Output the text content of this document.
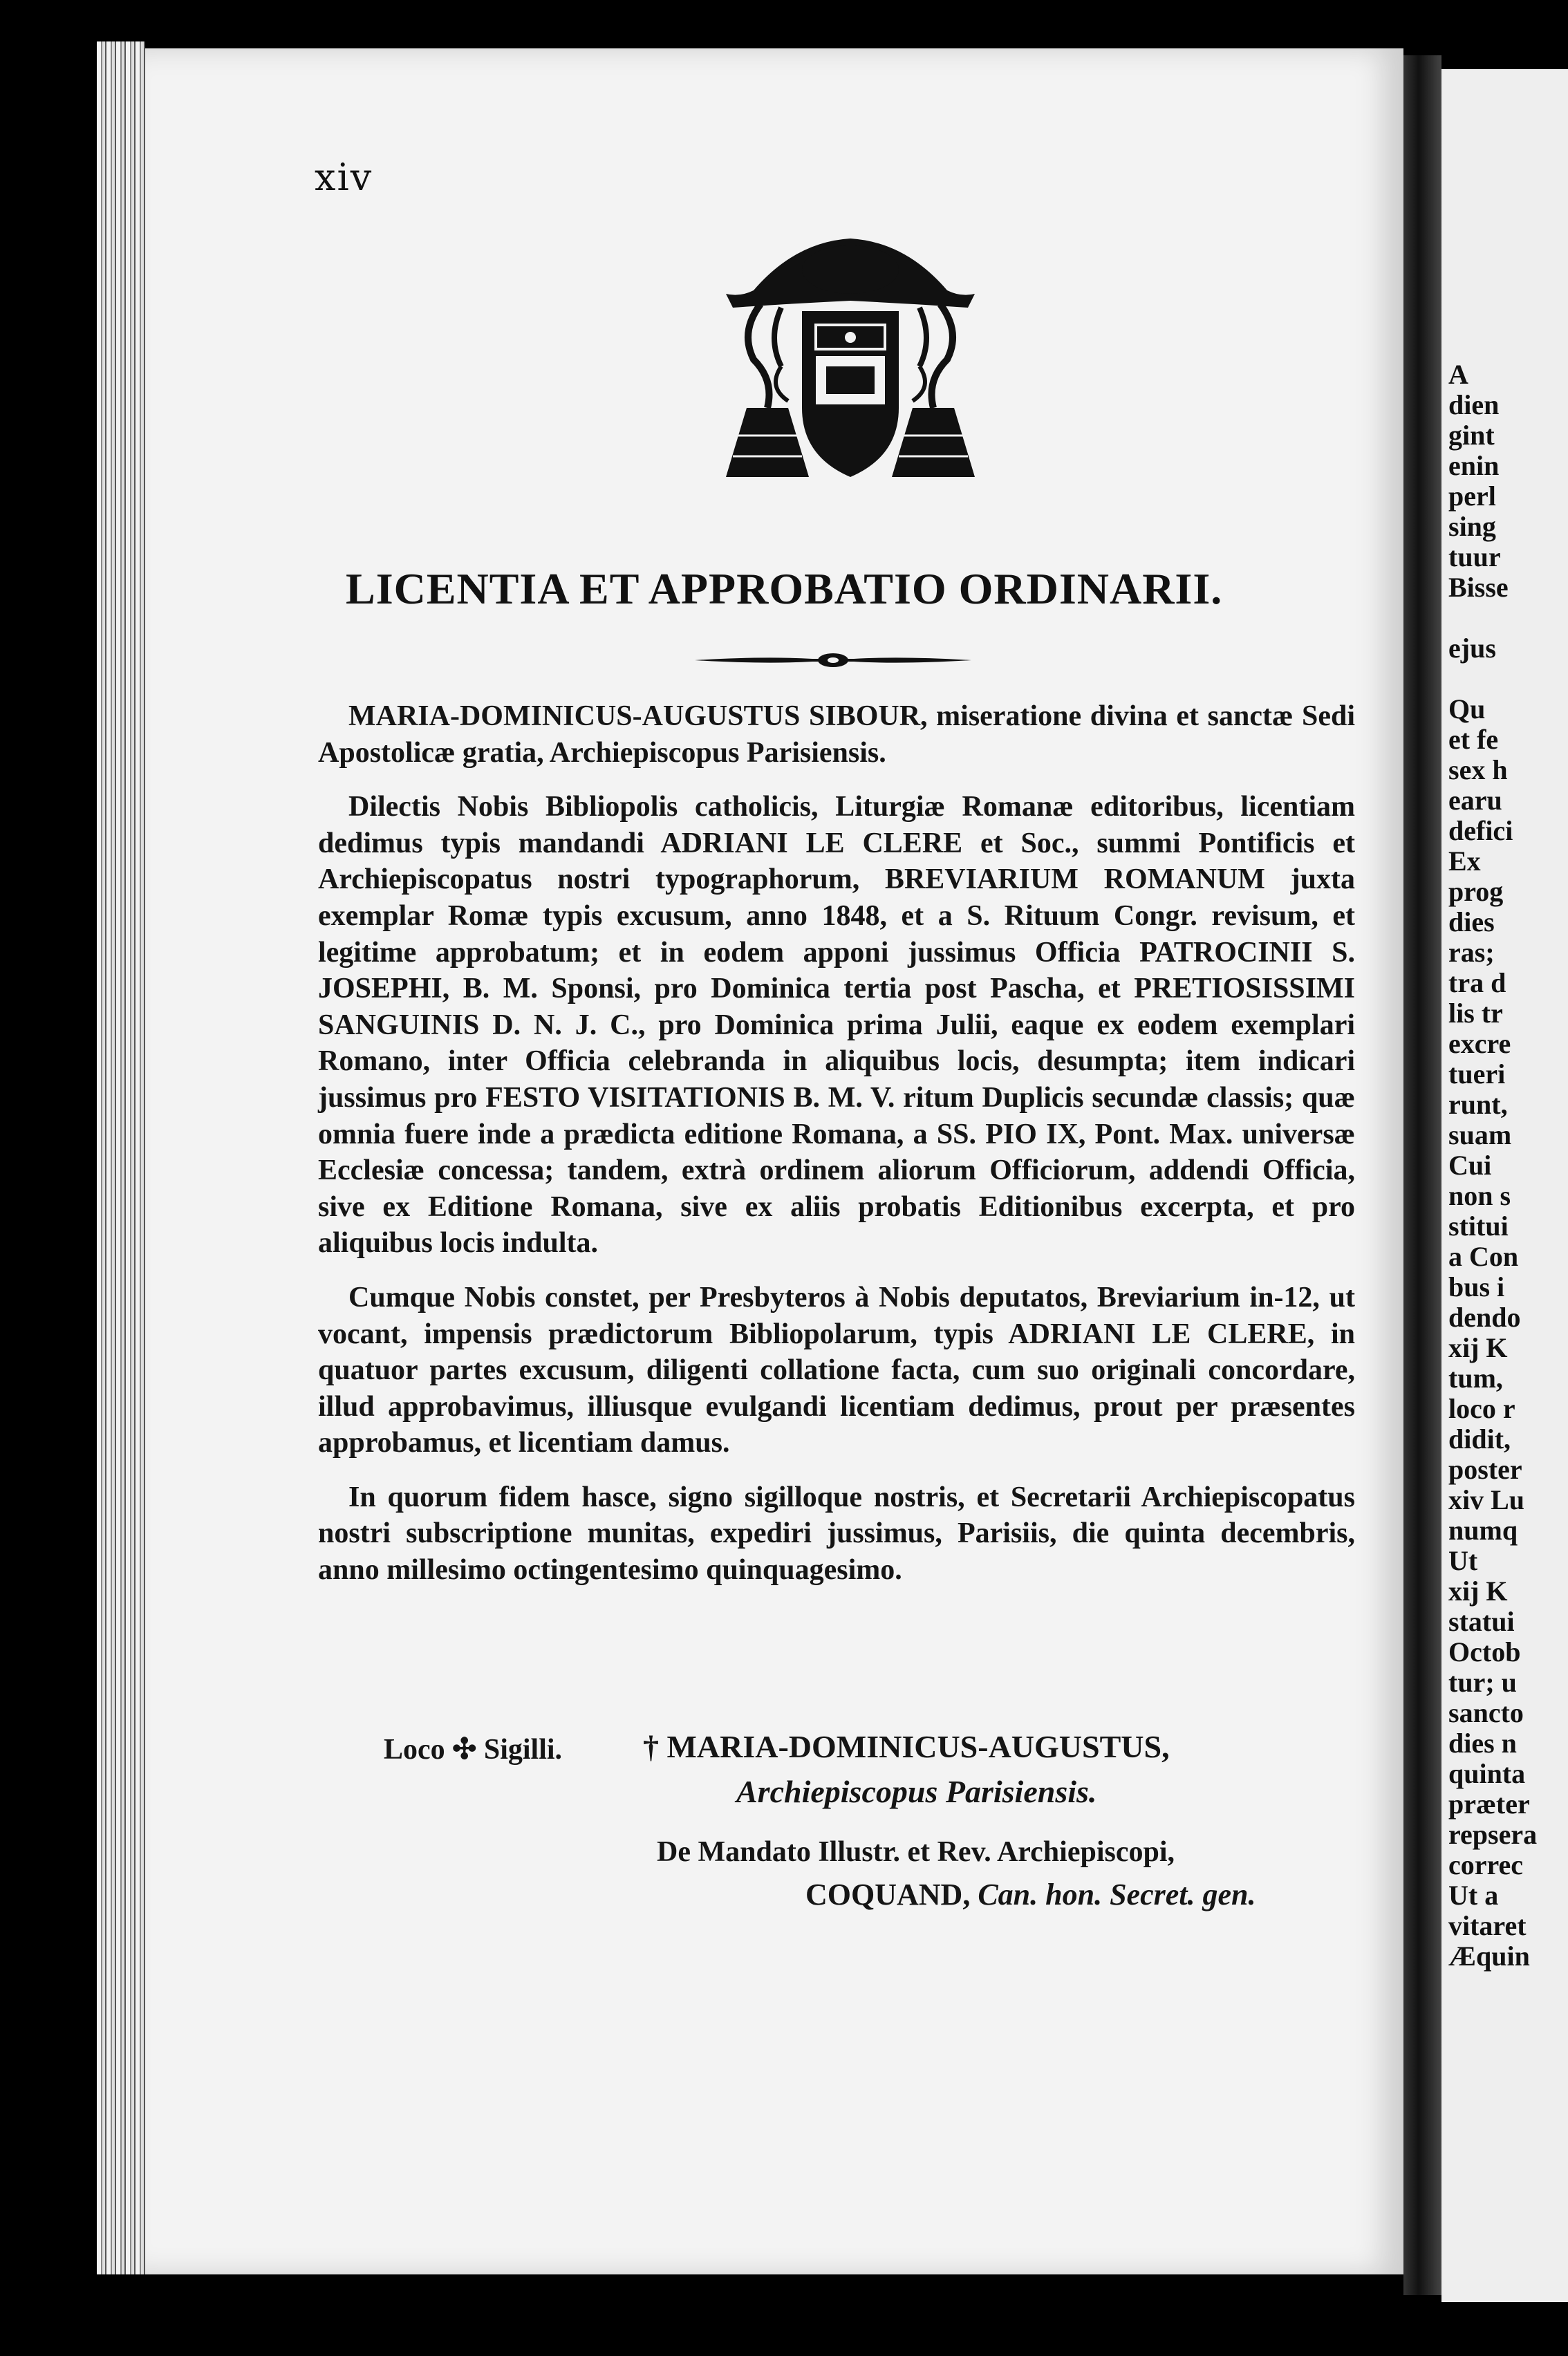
A
dien
gint
enin
perl
sing
tuur
Bisse

ejus

Qu
et fe
sex h
earu
defici
Ex
prog
dies
ras;
tra d
lis tr
excre
tueri
runt,
suam
Cui
non s
stitui
a Con
bus i
dendo
xij K
tum,
loco r
didit,
poster
xiv Lu
numq
Ut
xij K
statui
Octob
tur; u
sancto
dies n
quinta
præter
repsera
correc
Ut a
vitaret
Æquin
xiv
LICENTIA ET APPROBATIO ORDINARII.

MARIA-DOMINICUS-AUGUSTUS SIBOUR, miseratione divina et sanctæ Sedi Apostolicæ gratia, Archiepiscopus Parisiensis.

Dilectis Nobis Bibliopolis catholicis, Liturgiæ Romanæ editoribus, licentiam dedimus typis mandandi ADRIANI LE CLERE et Soc., summi Pontificis et Archiepiscopatus nostri typographorum, BREVIARIUM ROMANUM juxta exemplar Romæ typis excusum, anno 1848, et a S. Rituum Congr. revisum, et legitime approbatum; et in eodem apponi jussimus Officia PATROCINII S. JOSEPHI, B. M. Sponsi, pro Dominica tertia post Pascha, et PRETIOSISSIMI SANGUINIS D. N. J. C., pro Dominica prima Julii, eaque ex eodem exemplari Romano, inter Officia celebranda in aliquibus locis, desumpta; item indicari jussimus pro FESTO VISITATIONIS B. M. V. ritum Duplicis secundæ classis; quæ omnia fuere inde a prædicta editione Romana, a SS. PIO IX, Pont. Max. universæ Ecclesiæ concessa; tandem, extrà ordinem aliorum Officiorum, addendi Officia, sive ex Editione Romana, sive ex aliis probatis Editionibus excerpta, et pro aliquibus locis indulta.

Cumque Nobis constet, per Presbyteros à Nobis deputatos, Breviarium in-12, ut vocant, impensis prædictorum Bibliopolarum, typis ADRIANI LE CLERE, in quatuor partes excusum, diligenti collatione facta, cum suo originali concordare, illud approbavimus, illiusque evulgandi licentiam dedimus, prout per præsentes approbamus, et licentiam damus.

In quorum fidem hasce, signo sigilloque nostris, et Secretarii Archiepiscopatus nostri subscriptione munitas, expediri jussimus, Parisiis, die quinta decembris, anno millesimo octingentesimo quinquagesimo.

Loco ✣ Sigilli.	† MARIA-DOMINICUS-AUGUSTUS,
Archiepiscopus Parisiensis.
De Mandato Illustr. et Rev. Archiepiscopi,
COQUAND, Can. hon. Secret. gen.
